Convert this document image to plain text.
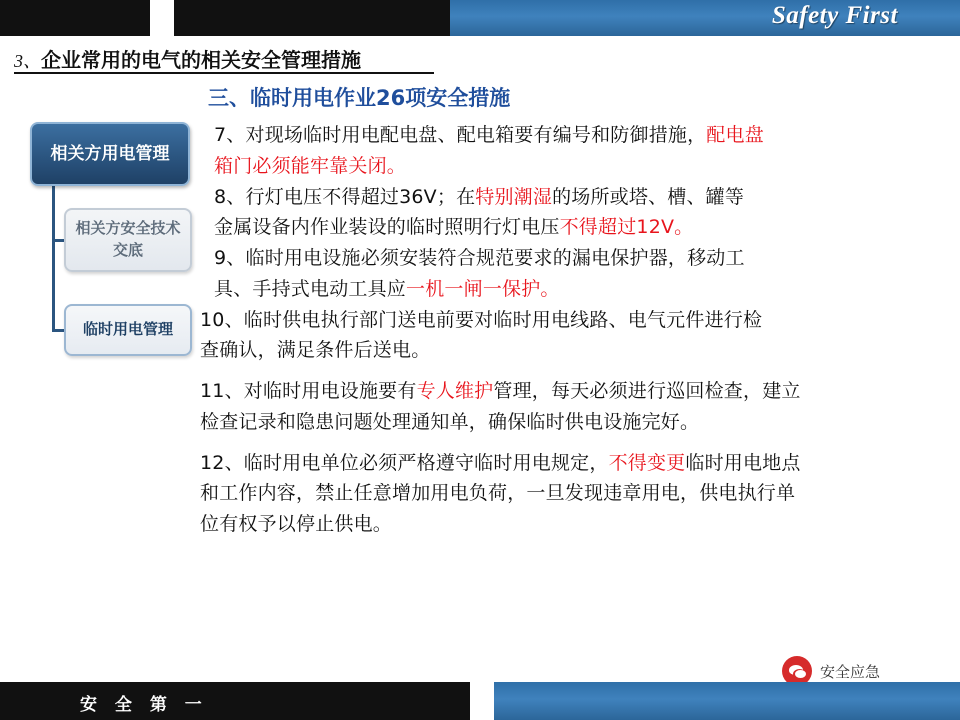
Safety First
3、企业常用的电气的相关安全管理措施
相关方用电管理
相关方安全技术交底
临时用电管理
三、临时用电作业26项安全措施

7、对现场临时用电配电盘、配电箱要有编号和防御措施，配电盘

箱门必须能牢靠关闭。

8、行灯电压不得超过36V；在特别潮湿的场所或塔、槽、罐等

金属设备内作业装设的临时照明行灯电压不得超过12V。

9、临时用电设施必须安装符合规范要求的漏电保护器，移动工

具、手持式电动工具应一机一闸一保护。

10、临时供电执行部门送电前要对临时用电线路、电气元件进行检

查确认，满足条件后送电。

11、对临时用电设施要有专人维护管理，每天必须进行巡回检查，建立

检查记录和隐患问题处理通知单，确保临时供电设施完好。

12、临时用电单位必须严格遵守临时用电规定，不得变更临时用电地点

和工作内容，禁止任意增加用电负荷，一旦发现违章用电，供电执行单

位有权予以停止供电。

安全应急
安 全 第 一
